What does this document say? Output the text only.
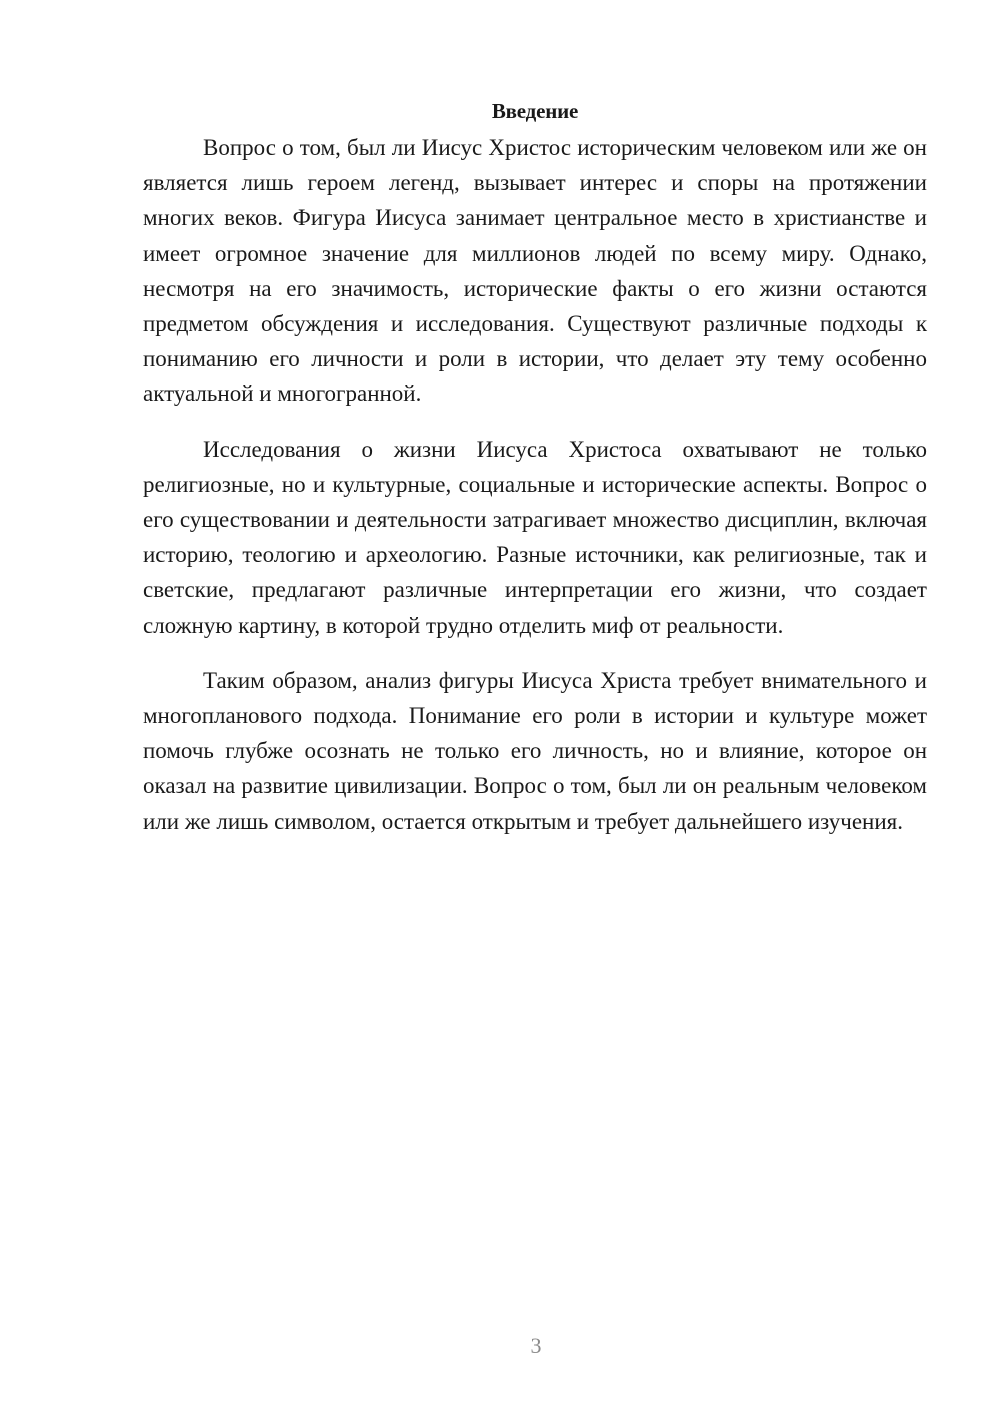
Введение

Вопрос о том, был ли Иисус Христос историческим человеком или же он является лишь героем легенд, вызывает интерес и споры на протяжении многих веков. Фигура Иисуса занимает центральное место в христианстве и имеет огромное значение для миллионов людей по всему миру. Однако, несмотря на его значимость, исторические факты о его жизни остаются предметом обсуждения и исследования. Существуют различные подходы к пониманию его личности и роли в истории, что делает эту тему особенно актуальной и многогранной.

Исследования о жизни Иисуса Христоса охватывают не только религиозные, но и культурные, социальные и исторические аспекты. Вопрос о его существовании и деятельности затрагивает множество дисциплин, включая историю, теологию и археологию. Разные источники, как религиозные, так и светские, предлагают различные интерпретации его жизни, что создает сложную картину, в которой трудно отделить миф от реальности.

Таким образом, анализ фигуры Иисуса Христа требует внимательного и многопланового подхода. Понимание его роли в истории и культуре может помочь глубже осознать не только его личность, но и влияние, которое он оказал на развитие цивилизации. Вопрос о том, был ли он реальным человеком или же лишь символом, остается открытым и требует дальнейшего изучения.

3
